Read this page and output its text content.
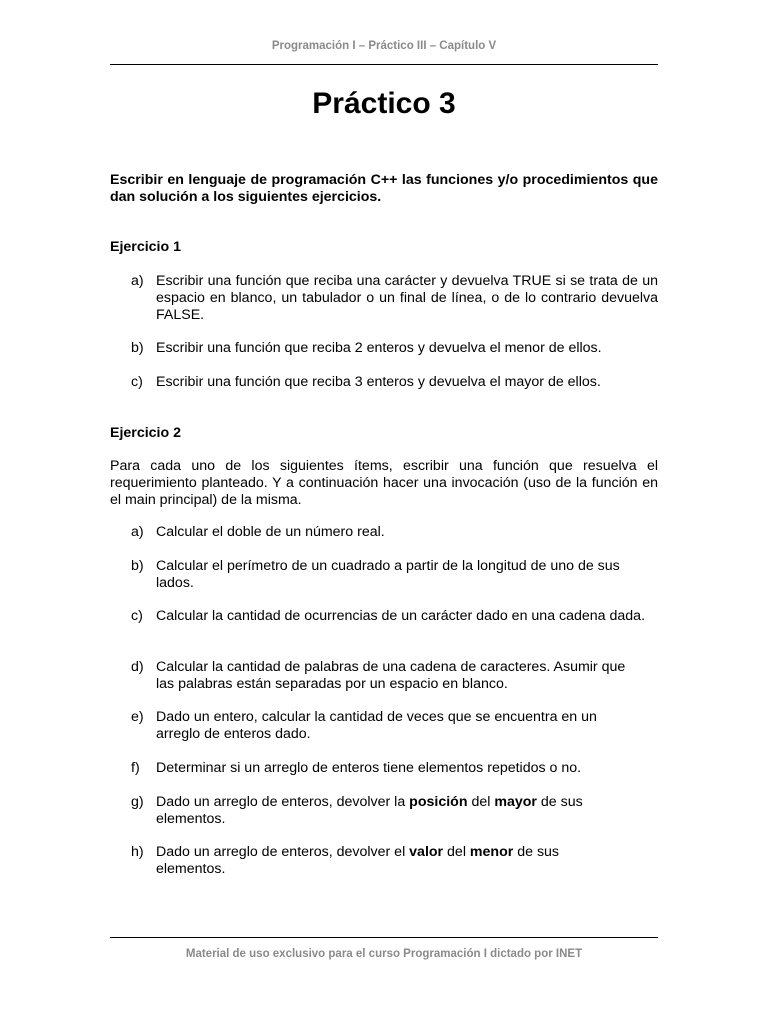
Programación I – Práctico III – Capítulo V
Práctico 3

Escribir en lenguaje de programación C++ las funciones y/o procedimientos que dan solución a los siguientes ejercicios.

Ejercicio 1

a) Escribir una función que reciba una carácter y devuelva TRUE si se trata de un espacio en blanco, un tabulador o un final de línea, o de lo contrario devuelva FALSE.
b) Escribir una función que reciba 2 enteros y devuelva el menor de ellos.
c) Escribir una función que reciba 3 enteros y devuelva el mayor de ellos.

Ejercicio 2

Para cada uno de los siguientes ítems, escribir una función que resuelva el requerimiento planteado. Y a continuación hacer una invocación (uso de la función en el main principal) de la misma.

a) Calcular el doble de un número real.
b) Calcular el perímetro de un cuadrado a partir de la longitud de uno de sus lados.
c) Calcular la cantidad de ocurrencias de un carácter dado en una cadena dada.
d) Calcular la cantidad de palabras de una cadena de caracteres. Asumir que las palabras están separadas por un espacio en blanco.
e) Dado un entero, calcular la cantidad de veces que se encuentra en un arreglo de enteros dado.
f) Determinar si un arreglo de enteros tiene elementos repetidos o no.
g) Dado un arreglo de enteros, devolver la posición del mayor de sus elementos.
h) Dado un arreglo de enteros, devolver el valor del menor de sus elementos.
Material de uso exclusivo para el curso Programación I dictado por INET
